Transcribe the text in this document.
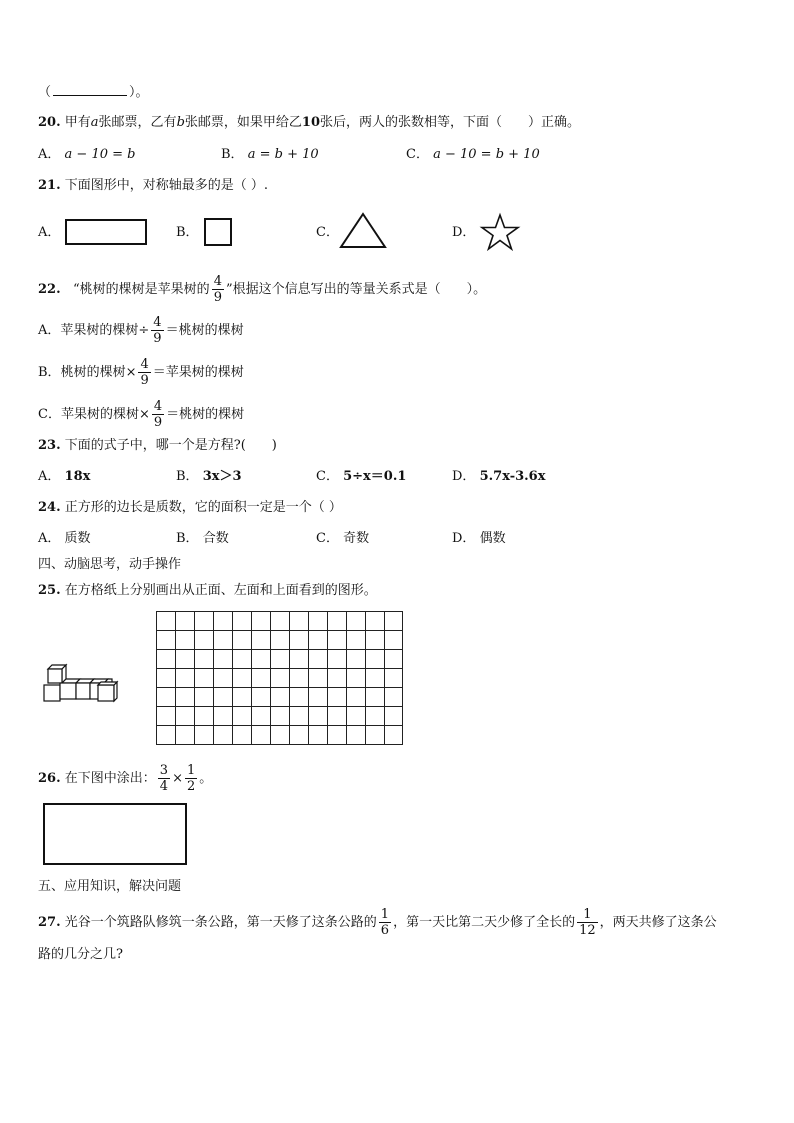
（	）。
20. 甲有a张邮票，乙有b张邮票，如果甲给乙10张后，两人的张数相等，下面（　　）正确。
A． a − 10 = b	B． a = b + 10	C． a − 10 = b + 10
21. 下面图形中，对称轴最多的是（ ）.
A．	B．	C．	D．
22. “桃树的棵树是苹果树的 $\frac{4}{9}$ ”根据这个信息写出的等量关系式是（　　）。
A．苹果树的棵树÷ $\frac{4}{9}$ ＝桃树的棵树
B．桃树的棵树× $\frac{4}{9}$ ＝苹果树的棵树
C．苹果树的棵树× $\frac{4}{9}$ ＝桃树的棵树
23. 下面的式子中，哪一个是方程?(　　)
A． 18x	B． 3x＞3	C． 5÷x＝0.1	D． 5.7x-3.6x
24. 正方形的边长是质数，它的面积一定是一个（ ）
A． 质数	B． 合数	C． 奇数	D． 偶数
四、动脑思考，动手操作
25. 在方格纸上分别画出从正面、左面和上面看到的图形。
26. 在下图中涂出： $\frac{3}{4} \times \frac{1}{2}$ 。
五、应用知识，解决问题
27. 光谷一个筑路队修筑一条公路，第一天修了这条公路的 $\frac{1}{6}$ ，第一天比第二天少修了全长的 $\frac{1}{12}$ ，两天共修了这条公
路的几分之几?
